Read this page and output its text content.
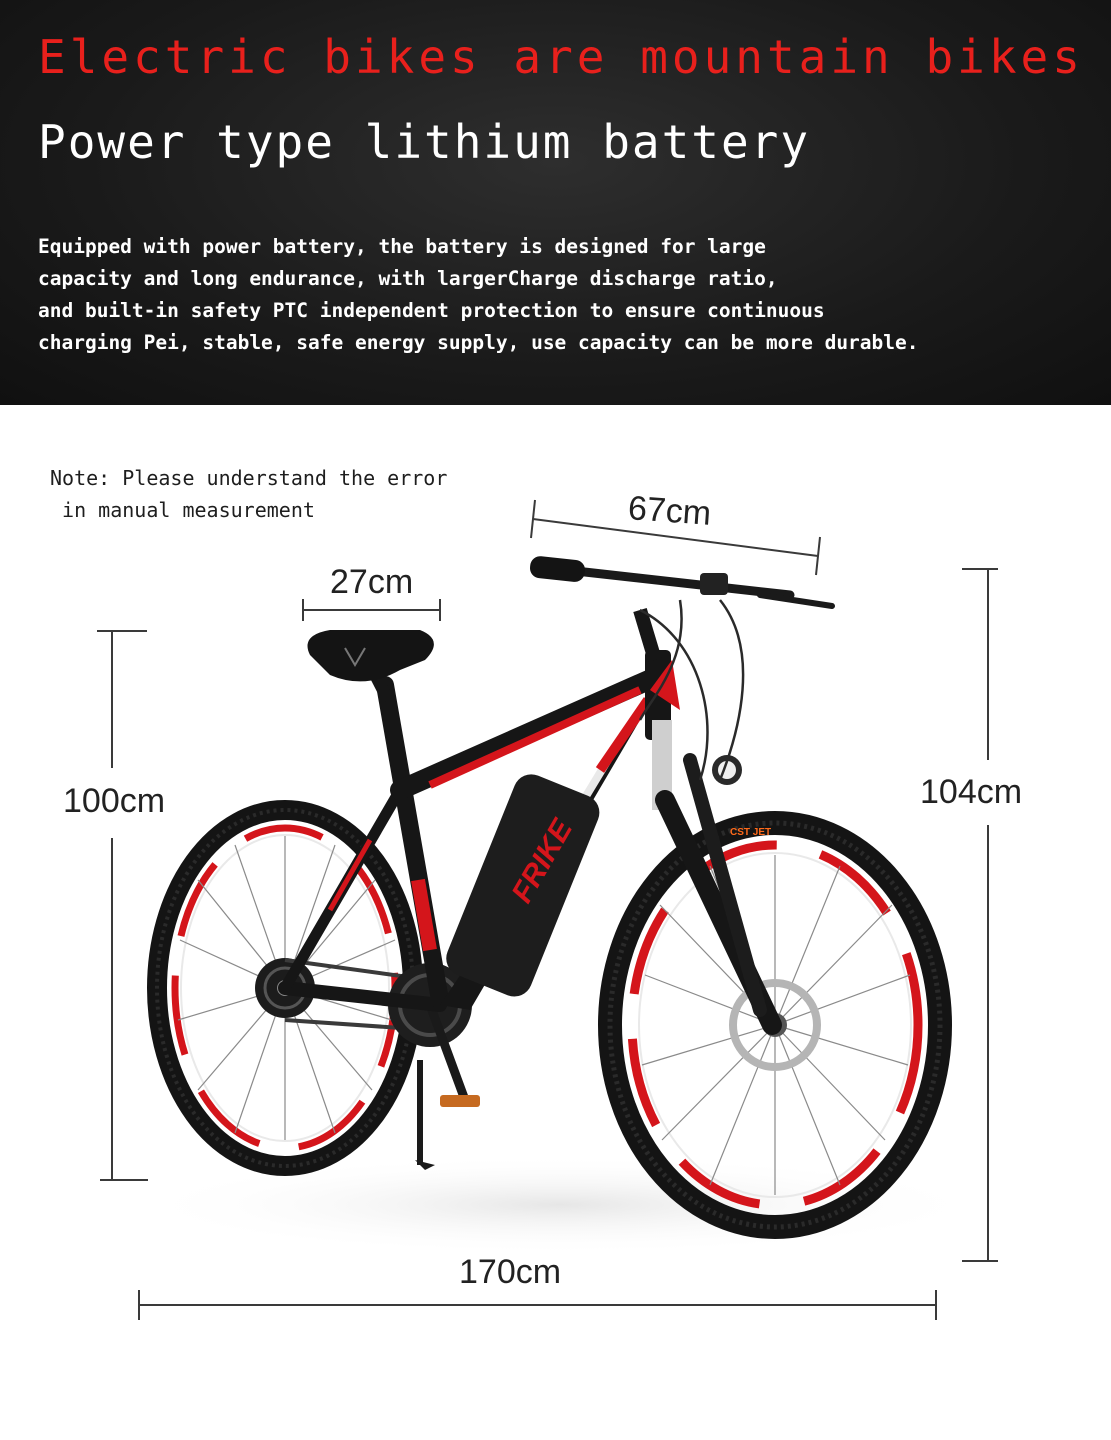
Electric bikes are mountain bikes
Power type lithium battery
Equipped with power battery, the battery is designed for large
capacity and long endurance, with largerCharge discharge ratio,
and built-in safety PTC independent protection to ensure continuous
charging Pei, stable, safe energy supply, use capacity can be more durable.
Note: Please understand the error
in manual measurement
CST JET
FRIKE
67cm
27cm
100cm	104cm
170cm
